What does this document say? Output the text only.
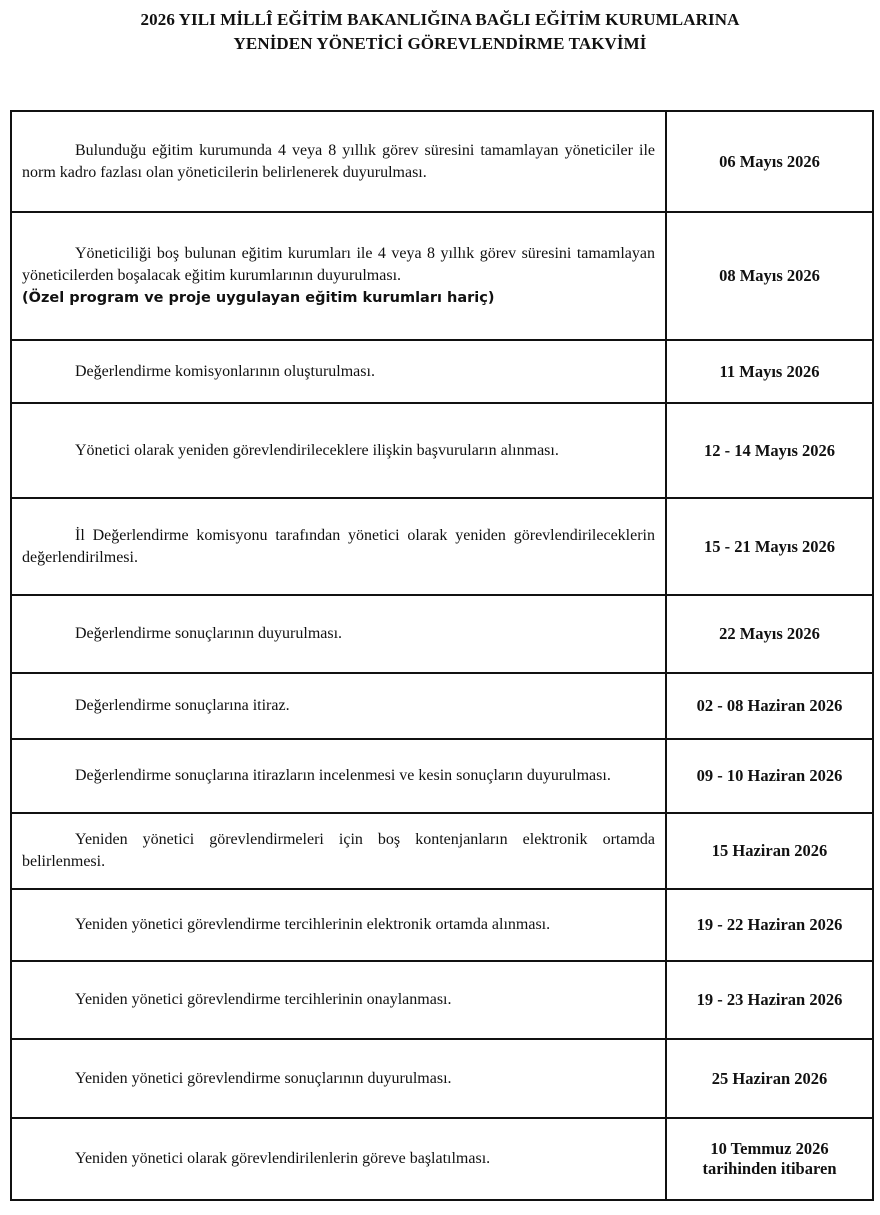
2026 YILI MİLLÎ EĞİTİM BAKANLIĞINA BAĞLI EĞİTİM KURUMLARINA
YENİDEN YÖNETİCİ GÖREVLENDİRME TAKVİMİ
Bulunduğu eğitim kurumunda 4 veya 8 yıllık görev süresini tamamlayan yöneticiler ile norm kadro fazlası olan yöneticilerin belirlenerek duyurulması.	06 Mayıs 2026
Yöneticiliği boş bulunan eğitim kurumları ile 4 veya 8 yıllık görev süresini tamamlayan yöneticilerden boşalacak eğitim kurumlarının duyurulması.
(Özel program ve proje uygulayan eğitim kurumları hariç)	08 Mayıs 2026
Değerlendirme komisyonlarının oluşturulması.	11 Mayıs 2026
Yönetici olarak yeniden görevlendirileceklere ilişkin başvuruların alınması.	12 - 14 Mayıs 2026
İl Değerlendirme komisyonu tarafından yönetici olarak yeniden görevlendirileceklerin değerlendirilmesi.	15 - 21 Mayıs 2026
Değerlendirme sonuçlarının duyurulması.	22 Mayıs 2026
Değerlendirme sonuçlarına itiraz.	02 - 08 Haziran 2026
Değerlendirme sonuçlarına itirazların incelenmesi ve kesin sonuçların duyurulması.	09 - 10 Haziran 2026
Yeniden yönetici görevlendirmeleri için boş kontenjanların elektronik ortamda belirlenmesi.	15 Haziran 2026
Yeniden yönetici görevlendirme tercihlerinin elektronik ortamda alınması.	19 - 22 Haziran 2026
Yeniden yönetici görevlendirme tercihlerinin onaylanması.	19 - 23 Haziran 2026
Yeniden yönetici görevlendirme sonuçlarının duyurulması.	25 Haziran 2026
Yeniden yönetici olarak görevlendirilenlerin göreve başlatılması.	10 Temmuz 2026
tarihinden itibaren
